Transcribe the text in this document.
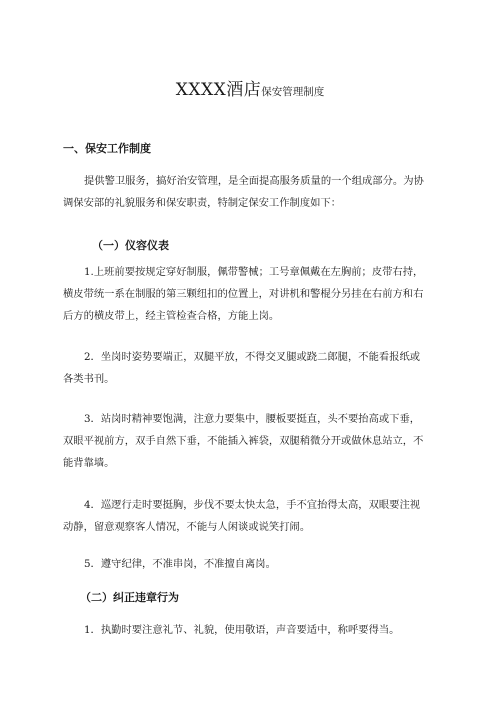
XXXX酒店保安管理制度
一、保安工作制度

提供警卫服务，搞好治安管理，是全面提高服务质量的一个组成部分。为协
调保安部的礼貌服务和保安职责，特制定保安工作制度如下：

（一）仪容仪表

1.上班前要按规定穿好制服，佩带警械；工号章佩戴在左胸前；皮带右持，
横皮带统一系在制服的第三颗纽扣的位置上，对讲机和警棍分另挂在右前方和右
后方的横皮带上，经主管检查合格，方能上岗。

2．坐岗时姿势要端正，双腿平放，不得交叉腿或跷二郎腿，不能看报纸或
各类书刊。

3．站岗时精神要饱满，注意力要集中，腰板要挺直，头不要抬高或下垂，
双眼平视前方，双手自然下垂，不能插入裤袋，双腿稍微分开或做休息站立，不
能背靠墙。

4．巡逻行走时要挺胸，步伐不要太快太急，手不宜抬得太高，双眼要注视
动静，留意观察客人情况，不能与人闲谈或说笑打闹。

5．遵守纪律，不准串岗，不准擅自离岗。

（二）纠正违章行为

1．执勤时要注意礼节、礼貌，使用敬语，声音要适中，称呼要得当。
